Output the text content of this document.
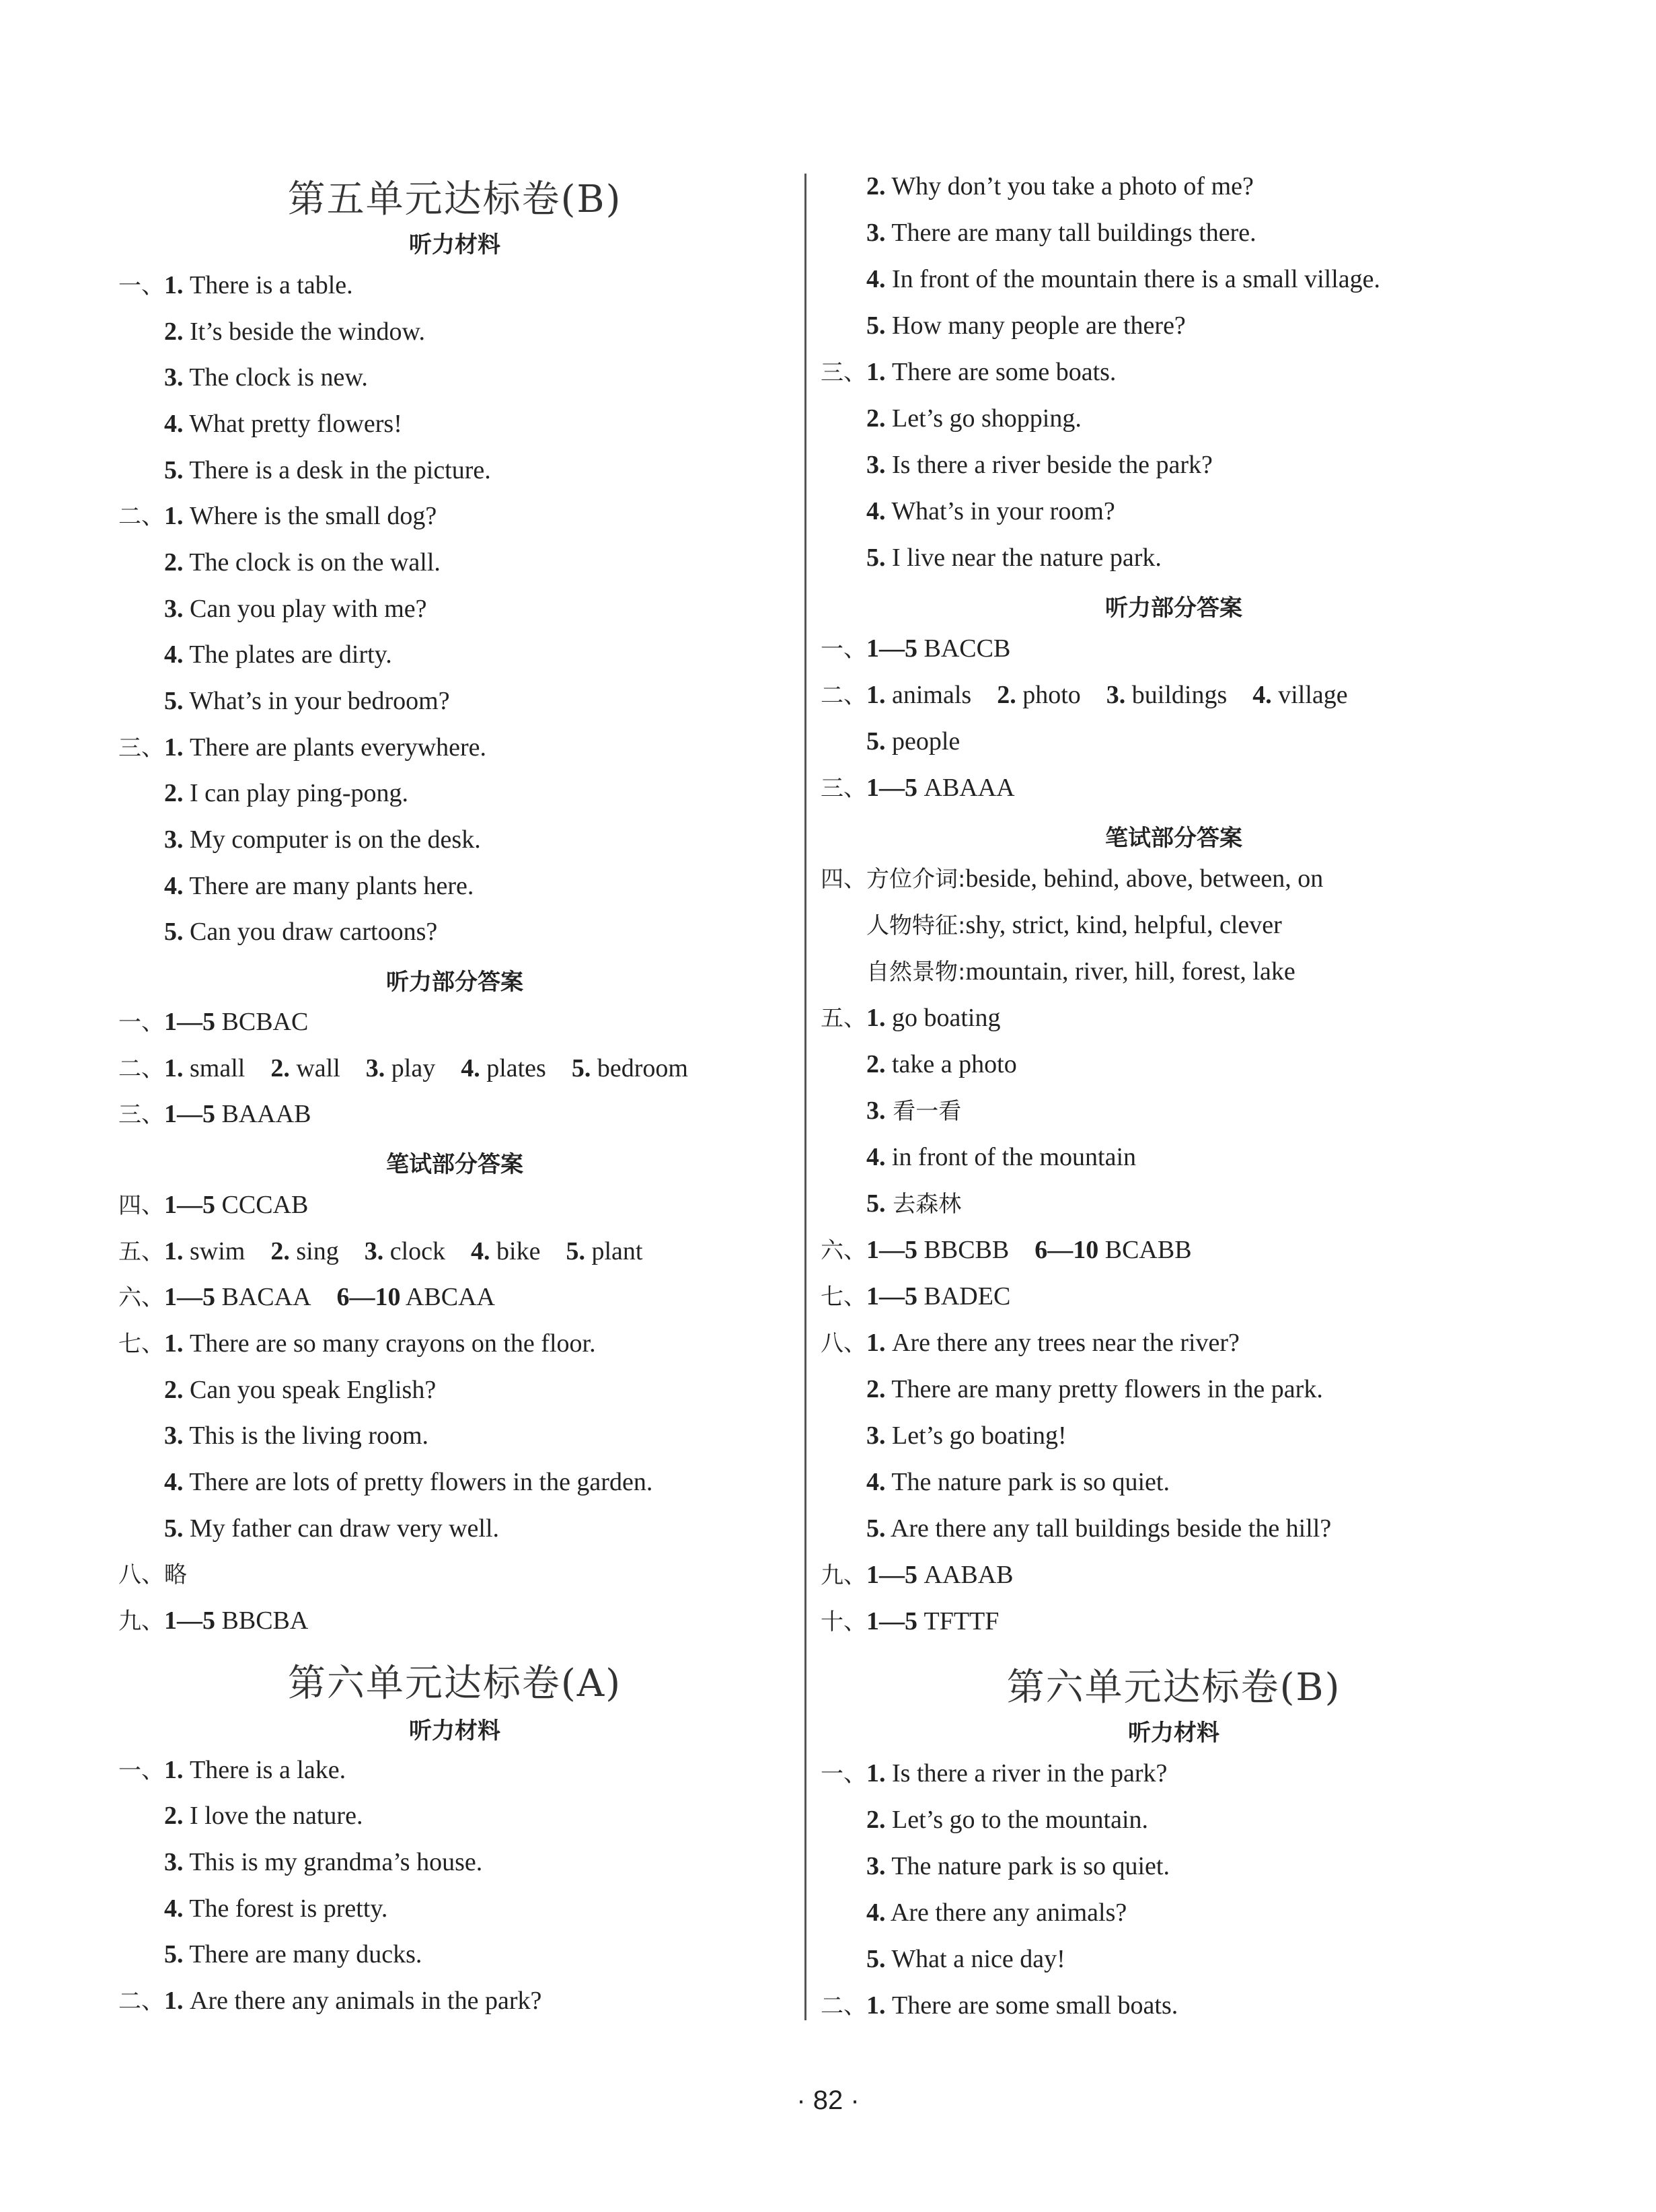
第五单元达标卷(B)
听力材料
一、1. There is a table.
2. It’s beside the window.
3. The clock is new.
4. What pretty flowers!
5. There is a desk in the picture.
二、1. Where is the small dog?
2. The clock is on the wall.
3. Can you play with me?
4. The plates are dirty.
5. What’s in your bedroom?
三、1. There are plants everywhere.
2. I can play ping-pong.
3. My computer is on the desk.
4. There are many plants here.
5. Can you draw cartoons?
听力部分答案
一、1—5 BCBAC
二、1. small   2. wall   3. play   4. plates   5. bedroom
三、1—5 BAAAB
笔试部分答案
四、1—5 CCCAB
五、1. swim   2. sing   3. clock   4. bike   5. plant
六、1—5 BACAA   6—10 ABCAA
七、1. There are so many crayons on the floor.
2. Can you speak English?
3. This is the living room.
4. There are lots of pretty flowers in the garden.
5. My father can draw very well.
八、略
九、1—5 BBCBA
第六单元达标卷(A)
听力材料
一、1. There is a lake.
2. I love the nature.
3. This is my grandma’s house.
4. The forest is pretty.
5. There are many ducks.
二、1. Are there any animals in the park?
2. Why don’t you take a photo of me?
3. There are many tall buildings there.
4. In front of the mountain there is a small village.
5. How many people are there?
三、1. There are some boats.
2. Let’s go shopping.
3. Is there a river beside the park?
4. What’s in your room?
5. I live near the nature park.
听力部分答案
一、1—5 BACCB
二、1. animals   2. photo   3. buildings   4. village
5. people
三、1—5 ABAAA
笔试部分答案
四、方位介词:beside, behind, above, between, on
人物特征:shy, strict, kind, helpful, clever
自然景物:mountain, river, hill, forest, lake
五、1. go boating
2. take a photo
3. 看一看
4. in front of the mountain
5. 去森林
六、1—5 BBCBB   6—10 BCABB
七、1—5 BADEC
八、1. Are there any trees near the river?
2. There are many pretty flowers in the park.
3. Let’s go boating!
4. The nature park is so quiet.
5. Are there any tall buildings beside the hill?
九、1—5 AABAB
十、1—5 TFTTF
第六单元达标卷(B)
听力材料
一、1. Is there a river in the park?
2. Let’s go to the mountain.
3. The nature park is so quiet.
4. Are there any animals?
5. What a nice day!
二、1. There are some small boats.
· 82 ·
